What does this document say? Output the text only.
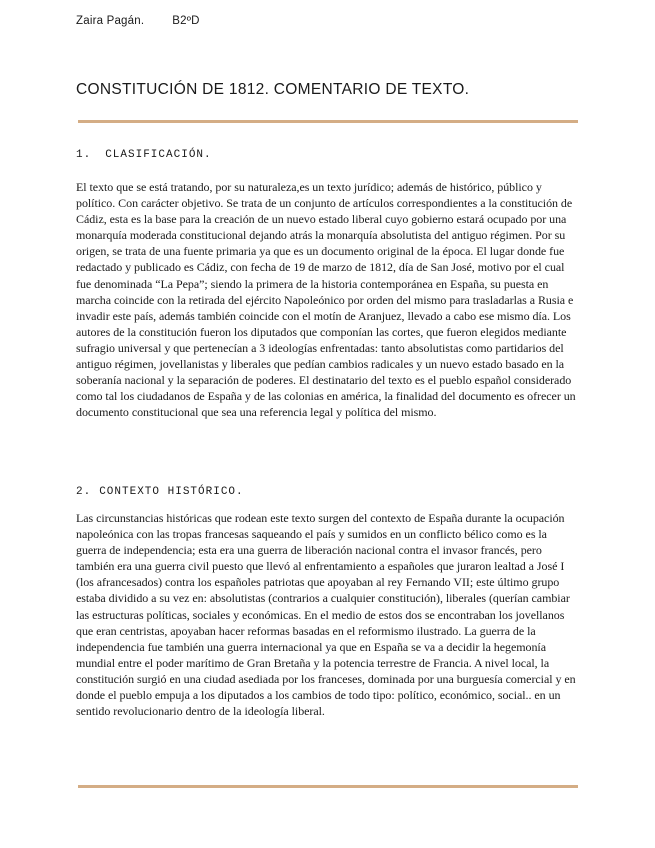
Zaira Pagán. B2ºD
CONSTITUCIÓN DE 1812. COMENTARIO DE TEXTO.
1. CLASIFICACIÓN.

El texto que se está tratando, por su naturaleza,es un texto jurídico; además de histórico, público y político. Con carácter objetivo. Se trata de un conjunto de artículos correspondientes a la constitución de Cádiz, esta es la base para la creación de un nuevo estado liberal cuyo gobierno estará ocupado por una monarquía moderada constitucional dejando atrás la monarquía absolutista del antiguo régimen. Por su origen, se trata de una fuente primaria ya que es un documento original de la época. El lugar donde fue redactado y publicado es Cádiz, con fecha de 19 de marzo de 1812, día de San José, motivo por el cual fue denominada “La Pepa”; siendo la primera de la historia contemporánea en España, su puesta en marcha coincide con la retirada del ejército Napoleónico por orden del mismo para trasladarlas a Rusia e invadir este país, además también coincide con el motín de Aranjuez, llevado a cabo ese mismo día. Los autores de la constitución fueron los diputados que componían las cortes, que fueron elegidos mediante sufragio universal y que pertenecían a 3 ideologías enfrentadas: tanto absolutistas como partidarios del antiguo régimen, jovellanistas y liberales que pedían cambios radicales y un nuevo estado basado en la soberanía nacional y la separación de poderes. El destinatario del texto es el pueblo español considerado como tal los ciudadanos de España y de las colonias en américa, la finalidad del documento es ofrecer un documento constitucional que sea una referencia legal y política del mismo.

2. CONTEXTO HISTÓRICO.

Las circunstancias históricas que rodean este texto surgen del contexto de España durante la ocupación napoleónica con las tropas francesas saqueando el país y sumidos en un conflicto bélico como es la guerra de independencia; esta era una guerra de liberación nacional contra el invasor francés, pero también era una guerra civil puesto que llevó al enfrentamiento a españoles que juraron lealtad a José I (los afrancesados) contra los españoles patriotas que apoyaban al rey Fernando VII; este último grupo estaba dividido a su vez en: absolutistas (contrarios a cualquier constitución), liberales (querían cambiar las estructuras políticas, sociales y económicas. En el medio de estos dos se encontraban los jovellanos que eran centristas, apoyaban hacer reformas basadas en el reformismo ilustrado. La guerra de la independencia fue también una guerra internacional ya que en España se va a decidir la hegemonía mundial entre el poder marítimo de Gran Bretaña y la potencia terrestre de Francia. A nivel local, la constitución surgió en una ciudad asediada por los franceses, dominada por una burguesía comercial y en donde el pueblo empuja a los diputados a los cambios de todo tipo: político, económico, social.. en un sentido revolucionario dentro de la ideología liberal.
